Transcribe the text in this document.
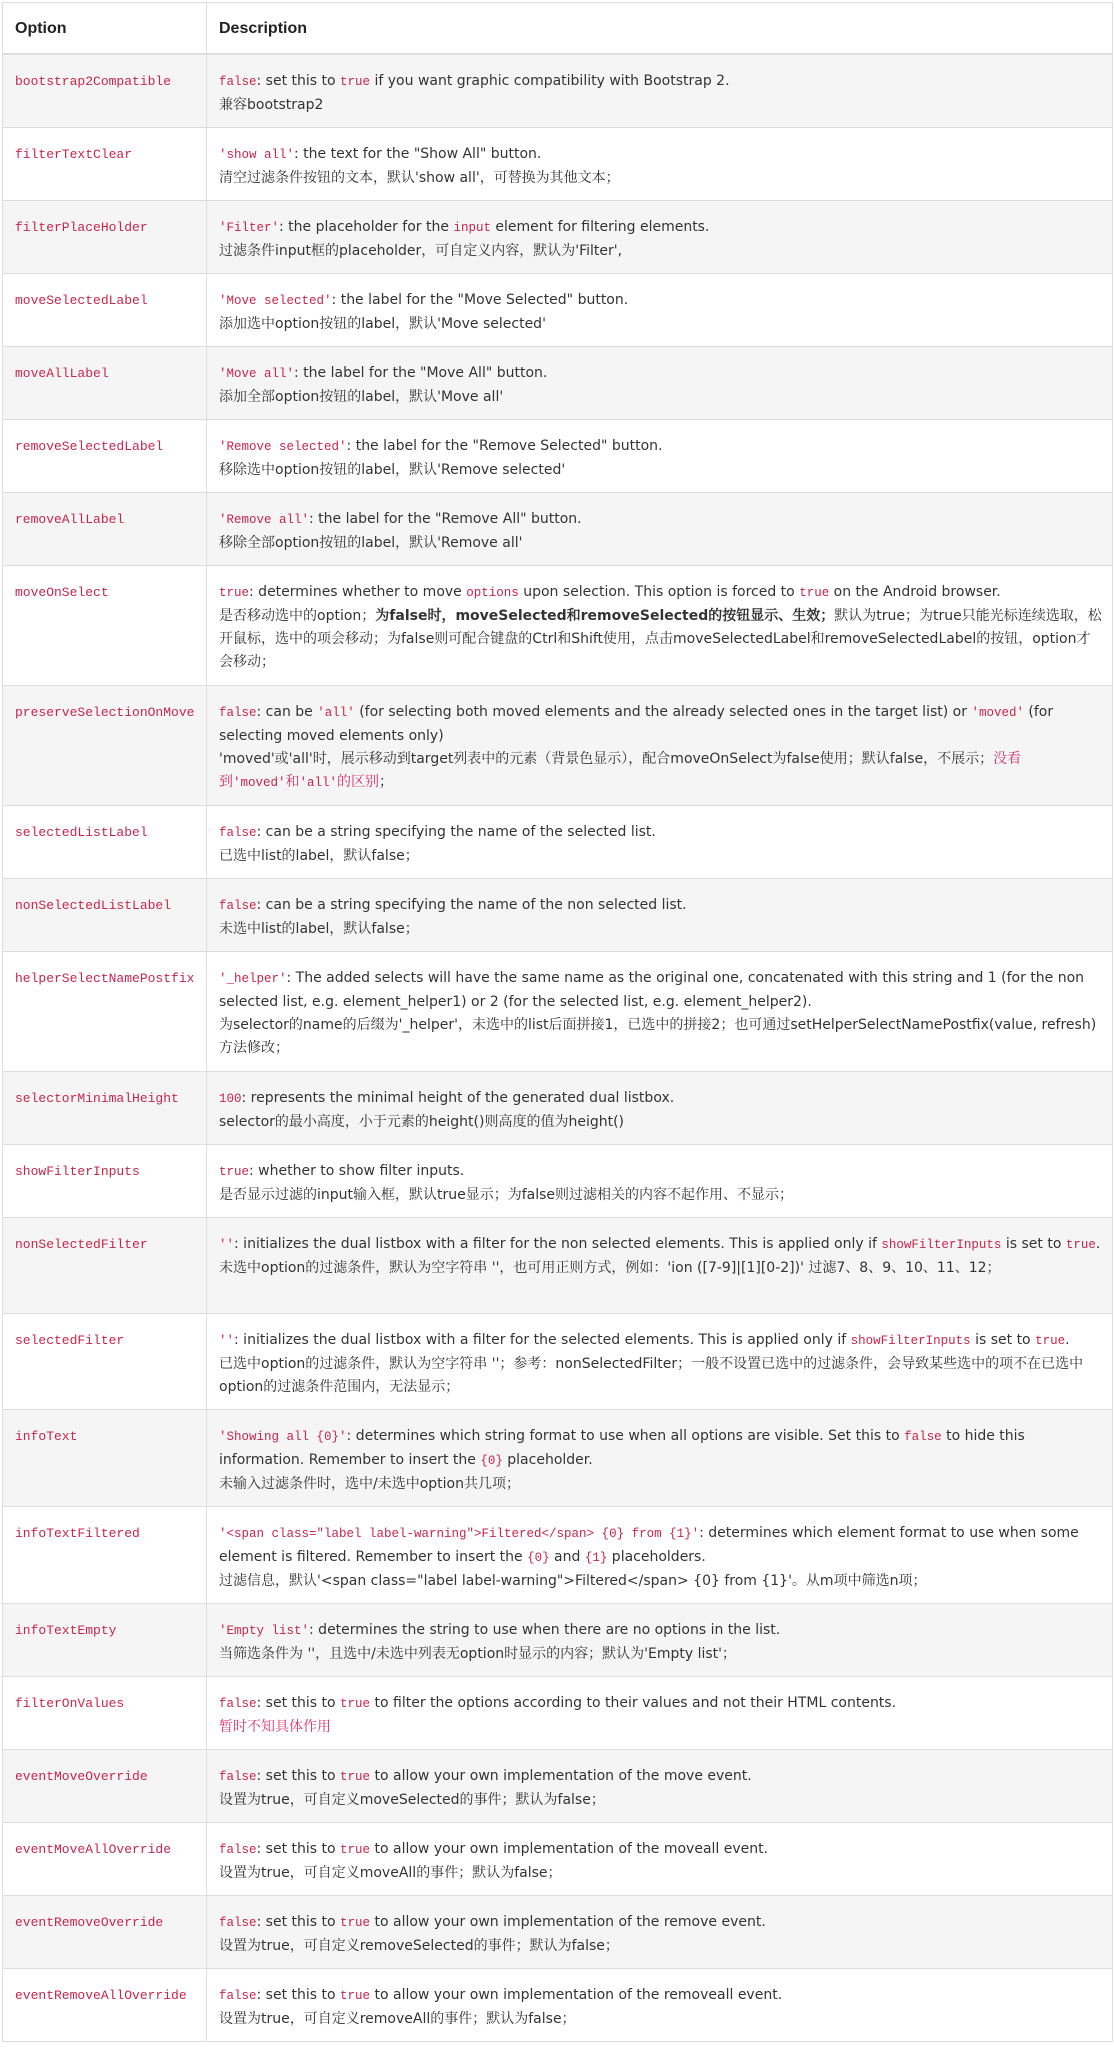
Option	Description
bootstrap2Compatible	false: set this to true if you want graphic compatibility with Bootstrap 2.
兼容bootstrap2

filterTextClear	'show all': the text for the "Show All" button.
清空过滤条件按钮的文本，默认'show all'，可替换为其他文本；

filterPlaceHolder	'Filter': the placeholder for the input element for filtering elements.
过滤条件input框的placeholder，可自定义内容，默认为'Filter',

moveSelectedLabel	'Move selected': the label for the "Move Selected" button.
添加选中option按钮的label，默认'Move selected'

moveAllLabel	'Move all': the label for the "Move All" button.
添加全部option按钮的label，默认'Move all'

removeSelectedLabel	'Remove selected': the label for the "Remove Selected" button.
移除选中option按钮的label，默认'Remove selected'

removeAllLabel	'Remove all': the label for the "Remove All" button.
移除全部option按钮的label，默认'Remove all'

moveOnSelect	true: determines whether to move options upon selection. This option is forced to true on the Android browser.
是否移动选中的option；为false时，moveSelected和removeSelected的按钮显示、生效；默认为true；为true只能光标连续选取，松开鼠标，选中的项会移动；为false则可配合键盘的Ctrl和Shift使用，点击moveSelectedLabel和removeSelectedLabel的按钮，option才会移动；

preserveSelectionOnMove	false: can be 'all' (for selecting both moved elements and the already selected ones in the target list) or 'moved' (for selecting moved elements only)
'moved'或'all'时，展示移动到target列表中的元素（背景色显示），配合moveOnSelect为false使用；默认false，不展示；没看到'moved'和'all'的区别；

selectedListLabel	false: can be a string specifying the name of the selected list.
已选中list的label，默认false；

nonSelectedListLabel	false: can be a string specifying the name of the non selected list.
未选中list的label，默认false；

helperSelectNamePostfix	'_helper': The added selects will have the same name as the original one, concatenated with this string and 1 (for the non selected list, e.g. element_helper1) or 2 (for the selected list, e.g. element_helper2).
为selector的name的后缀为'_helper'，未选中的list后面拼接1，已选中的拼接2；也可通过setHelperSelectNamePostfix(value, refresh)方法修改；

selectorMinimalHeight	100: represents the minimal height of the generated dual listbox.
selector的最小高度，小于元素的height()则高度的值为height()

showFilterInputs	true: whether to show filter inputs.
是否显示过滤的input输入框，默认true显示；为false则过滤相关的内容不起作用、不显示；

nonSelectedFilter	'': initializes the dual listbox with a filter for the non selected elements. This is applied only if showFilterInputs is set to true.
未选中option的过滤条件，默认为空字符串 ''，也可用正则方式，例如：'ion ([7-9]|[1][0-2])' 过滤7、8、9、10、11、12；

selectedFilter	'': initializes the dual listbox with a filter for the selected elements. This is applied only if showFilterInputs is set to true.
已选中option的过滤条件，默认为空字符串 ''；参考：nonSelectedFilter；一般不设置已选中的过滤条件，会导致某些选中的项不在已选中option的过滤条件范围内，无法显示；

infoText	'Showing all {0}': determines which string format to use when all options are visible. Set this to false to hide this information. Remember to insert the {0} placeholder.
未输入过滤条件时，选中/未选中option共几项；

infoTextFiltered	'<span class="label label-warning">Filtered</span> {0} from {1}': determines which element format to use when some element is filtered. Remember to insert the {0} and {1} placeholders.
过滤信息，默认'<span class="label label-warning">Filtered</span> {0} from {1}'。从m项中筛选n项；

infoTextEmpty	'Empty list': determines the string to use when there are no options in the list.
当筛选条件为 ''，且选中/未选中列表无option时显示的内容；默认为'Empty list'；

filterOnValues	false: set this to true to filter the options according to their values and not their HTML contents.
暂时不知具体作用

eventMoveOverride	false: set this to true to allow your own implementation of the move event.
设置为true，可自定义moveSelected的事件；默认为false；

eventMoveAllOverride	false: set this to true to allow your own implementation of the moveall event.
设置为true，可自定义moveAll的事件；默认为false；

eventRemoveOverride	false: set this to true to allow your own implementation of the remove event.
设置为true，可自定义removeSelected的事件；默认为false；

eventRemoveAllOverride	false: set this to true to allow your own implementation of the removeall event.
设置为true，可自定义removeAll的事件；默认为false；
